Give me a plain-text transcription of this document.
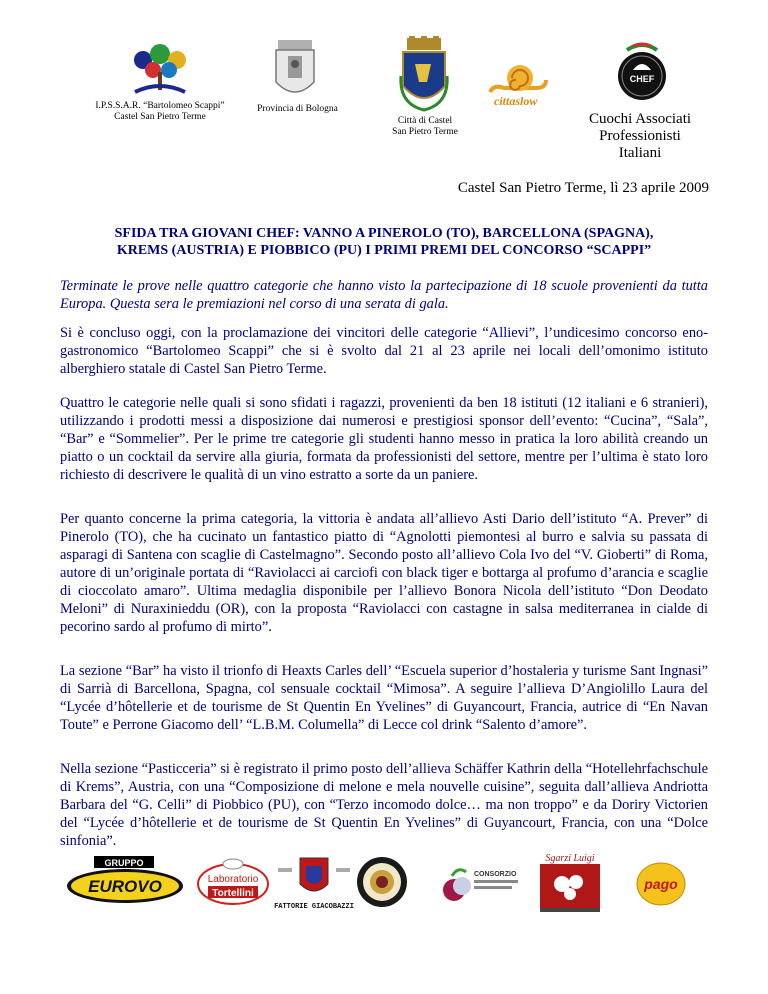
I.P.S.S.A.R. “Bartolomeo Scappi”
Castel San Pietro Terme
Provincia di Bologna
Città di Castel
San Pietro Terme
cittaslow
CHEF
Cuochi Associati
Professionisti
Italiani
Castel San Pietro Terme, lì 23 aprile 2009
SFIDA TRA GIOVANI CHEF: VANNO A PINEROLO (TO), BARCELLONA (SPAGNA),
KREMS (AUSTRIA) E PIOBBICO (PU) I PRIMI PREMI DEL CONCORSO “SCAPPI”
Terminate le prove nelle quattro categorie che hanno visto la partecipazione di 18 scuole provenienti da tutta Europa. Questa sera le premiazioni nel corso di una serata di gala.
Si è concluso oggi, con la proclamazione dei vincitori delle categorie “Allievi”, l’undicesimo concorso eno-gastronomico “Bartolomeo Scappi” che si è svolto dal 21 al 23 aprile nei locali dell’omonimo istituto alberghiero statale di Castel San Pietro Terme.
Quattro le categorie nelle quali si sono sfidati i ragazzi, provenienti da ben 18 istituti (12 italiani e 6 stranieri), utilizzando i prodotti messi a disposizione dai numerosi e prestigiosi sponsor dell’evento: “Cucina”, “Sala”, “Bar” e “Sommelier”. Per le prime tre categorie gli studenti hanno messo in pratica la loro abilità creando un piatto o un cocktail da servire alla giuria, formata da professionisti del settore, mentre per l’ultima è stato loro richiesto di descrivere le qualità di un vino estratto a sorte da un paniere.
Per quanto concerne la prima categoria, la vittoria è andata all’allievo Asti Dario dell’istituto “A. Prever” di Pinerolo (TO), che ha cucinato un fantastico piatto di “Agnolotti piemontesi al burro e salvia su passata di asparagi di Santena con scaglie di Castelmagno”. Secondo posto all’allievo Cola Ivo del “V. Gioberti” di Roma, autore di un’originale portata di “Raviolacci ai carciofi con black tiger e bottarga al profumo d’arancia e scaglie di cioccolato amaro”. Ultima medaglia disponibile per l’allievo Bonora Nicola dell’istituto “Don Deodato Meloni” di Nuraxinieddu (OR), con la proposta “Raviolacci con castagne in salsa mediterranea in cialde di pecorino sardo al profumo di mirto”.
La sezione “Bar” ha visto il trionfo di Heaxts Carles dell’ “Escuela superior d’hostaleria y turisme Sant Ingnasi” di Sarrià di Barcellona, Spagna, col sensuale cocktail “Mimosa”. A seguire l’allieva D’Angiolillo Laura del “Lycée d’hôtellerie et de tourisme de St Quentin En Yvelines” di Guyancourt, Francia, autrice di “En Navan Toute” e Perrone Giacomo dell’ “L.B.M. Columella” di Lecce col drink “Salento d’amore”.
Nella sezione “Pasticceria” si è registrato il primo posto dell’allieva Schäffer Kathrin della “Hotellehrfachschule di Krems”, Austria, con una “Composizione di melone e mela nouvelle cuisine”, seguita dall’allieva Andriotta Barbara del “G. Celli” di Piobbico (PU), con “Terzo incomodo dolce… ma non troppo” e da Doriry Victorien del “Lycée d’hôtellerie et de tourisme de St Quentin En Yvelines” di Guyancourt, Francia, con una “Dolce sinfonia”.
GRUPPO
EUROVO	Laboratorio
Tortellini
FATTORIE GIACOBAZZI
CONSORZIO
Sgarzi Luigi
pago
